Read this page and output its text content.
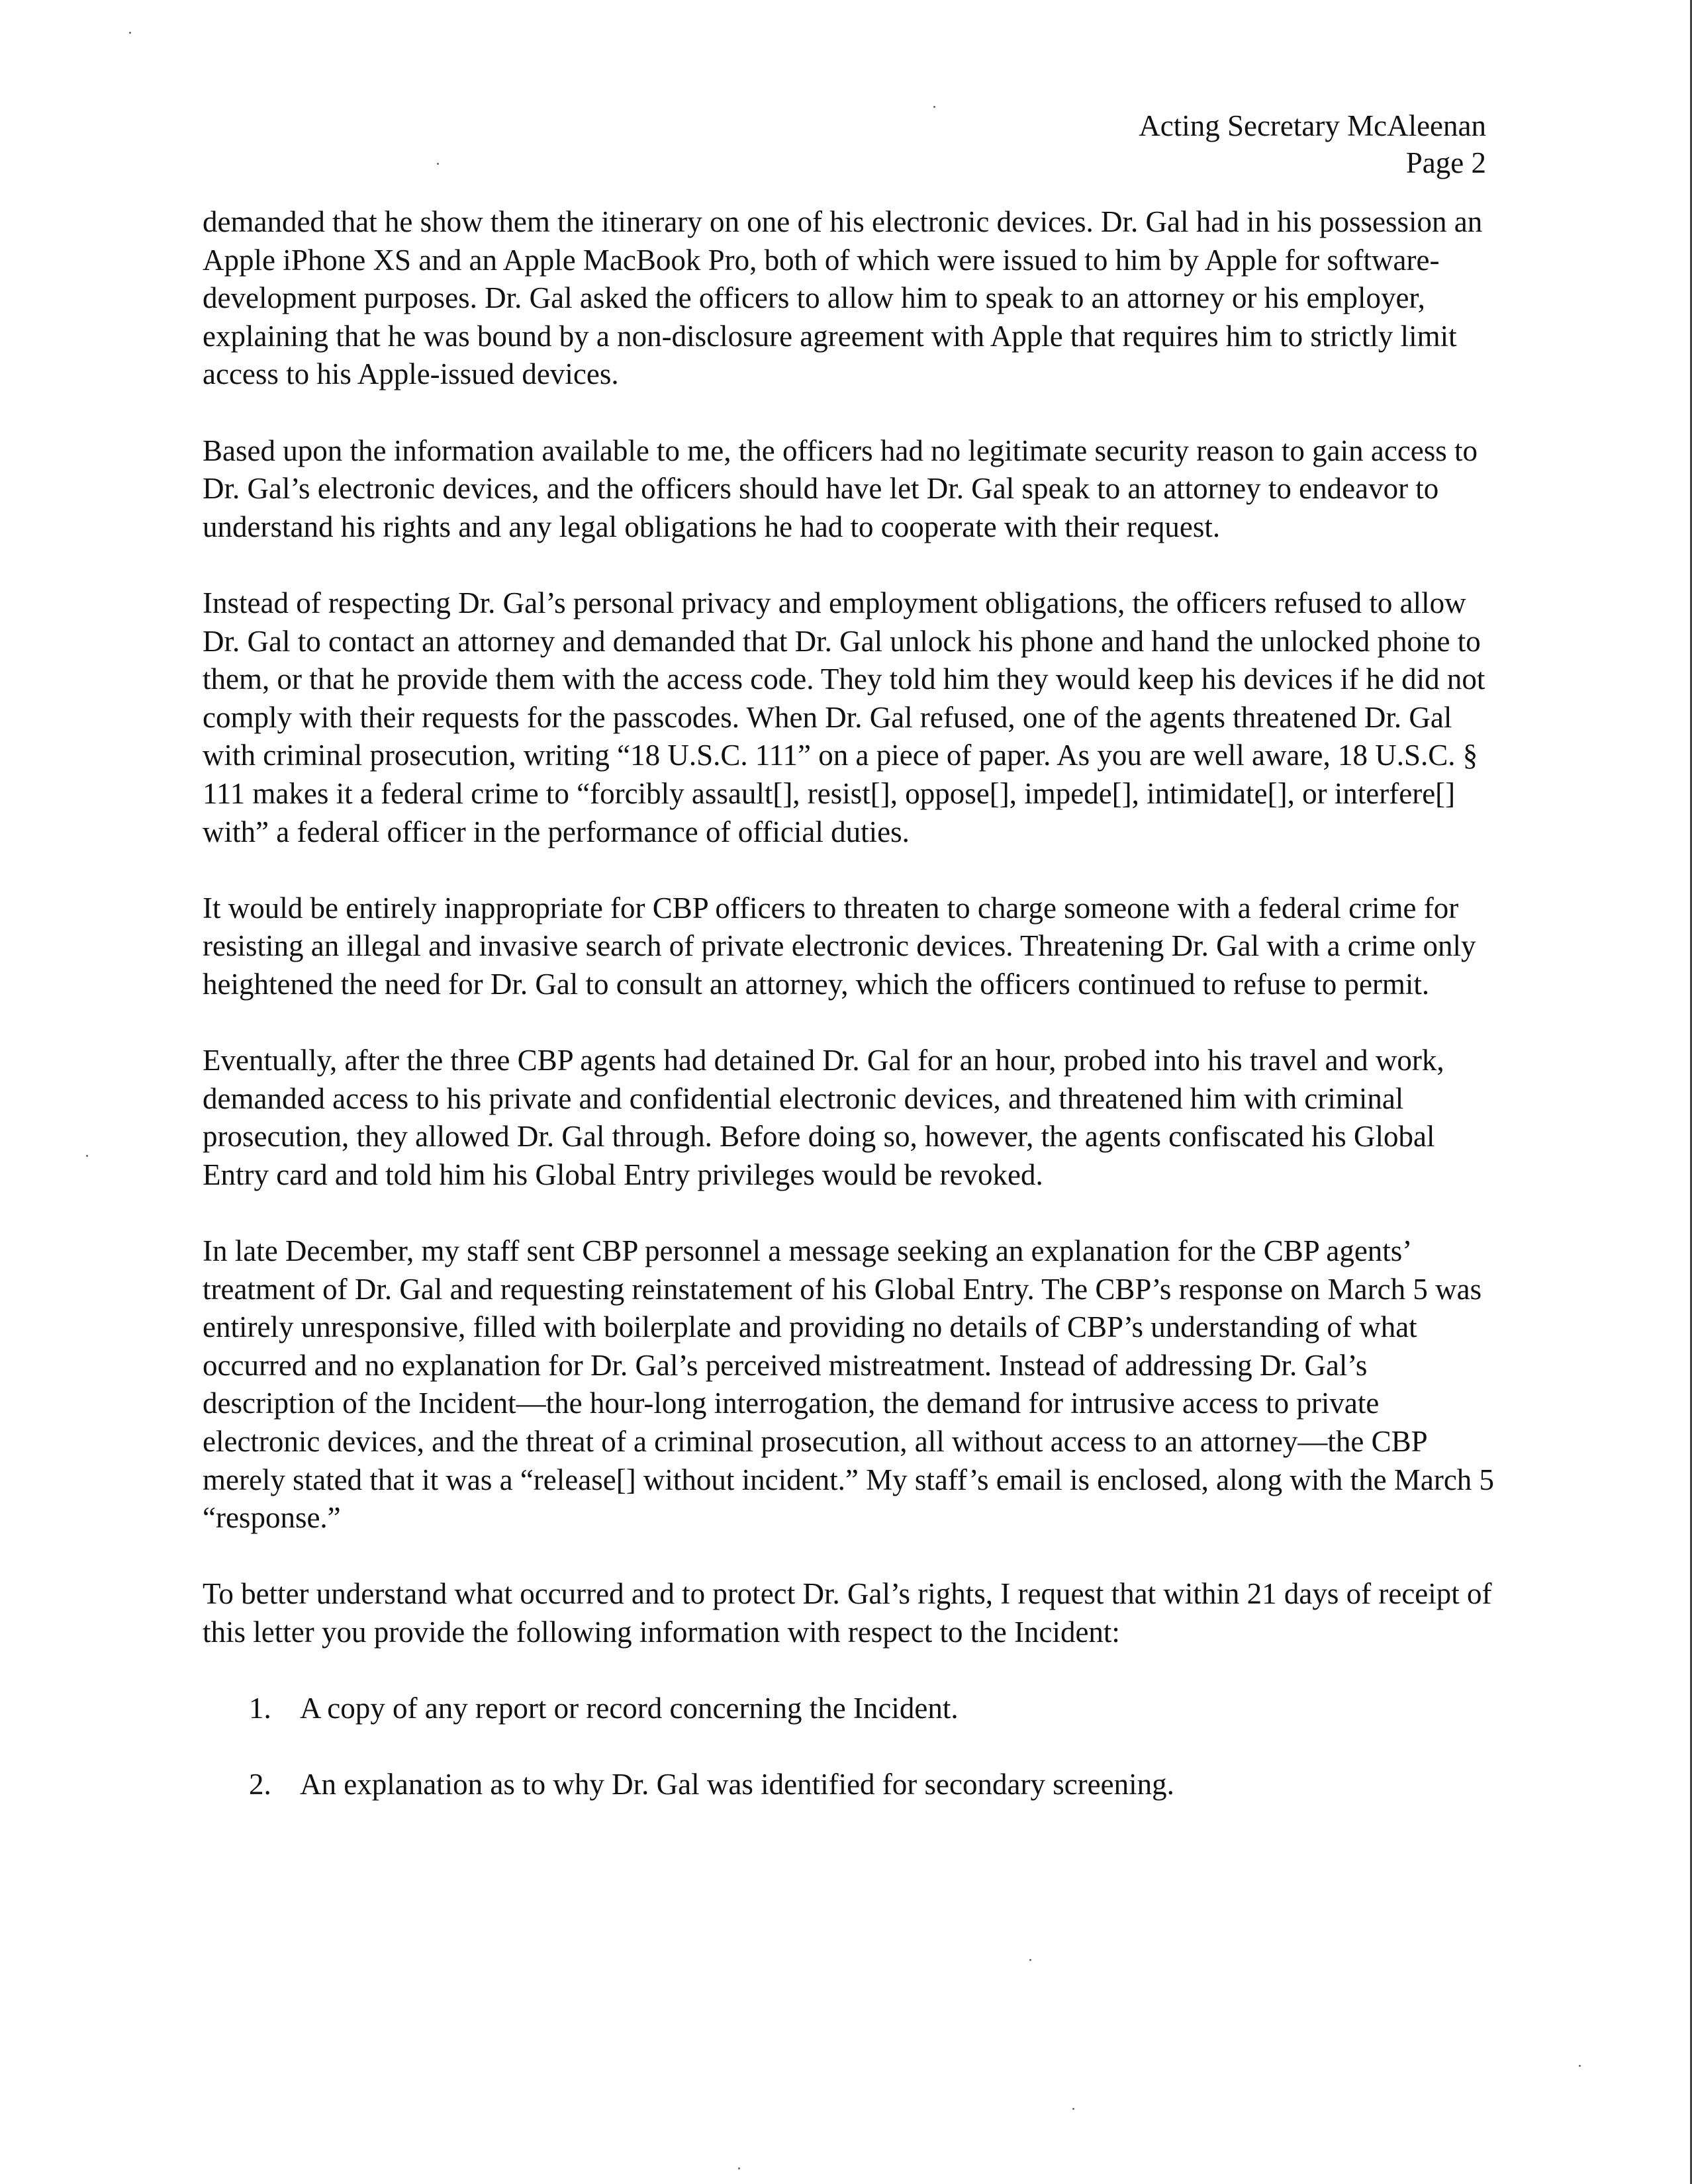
Acting Secretary McAleenan
Page 2

demanded that he show them the itinerary on one of his electronic devices. Dr. Gal had in his possession an Apple iPhone XS and an Apple MacBook Pro, both of which were issued to him by Apple for software-development purposes. Dr. Gal asked the officers to allow him to speak to an attorney or his employer, explaining that he was bound by a non-disclosure agreement with Apple that requires him to strictly limit access to his Apple-issued devices.

Based upon the information available to me, the officers had no legitimate security reason to gain access to Dr. Gal’s electronic devices, and the officers should have let Dr. Gal speak to an attorney to endeavor to understand his rights and any legal obligations he had to cooperate with their request.

Instead of respecting Dr. Gal’s personal privacy and employment obligations, the officers refused to allow Dr. Gal to contact an attorney and demanded that Dr. Gal unlock his phone and hand the unlocked phone to them, or that he provide them with the access code. They told him they would keep his devices if he did not comply with their requests for the passcodes. When Dr. Gal refused, one of the agents threatened Dr. Gal with criminal prosecution, writing “18 U.S.C. 111” on a piece of paper. As you are well aware, 18 U.S.C. § 111 makes it a federal crime to “forcibly assault[], resist[], oppose[], impede[], intimidate[], or interfere[] with” a federal officer in the performance of official duties.

It would be entirely inappropriate for CBP officers to threaten to charge someone with a federal crime for resisting an illegal and invasive search of private electronic devices. Threatening Dr. Gal with a crime only heightened the need for Dr. Gal to consult an attorney, which the officers continued to refuse to permit.

Eventually, after the three CBP agents had detained Dr. Gal for an hour, probed into his travel and work, demanded access to his private and confidential electronic devices, and threatened him with criminal prosecution, they allowed Dr. Gal through. Before doing so, however, the agents confiscated his Global Entry card and told him his Global Entry privileges would be revoked.

In late December, my staff sent CBP personnel a message seeking an explanation for the CBP agents’ treatment of Dr. Gal and requesting reinstatement of his Global Entry. The CBP’s response on March 5 was entirely unresponsive, filled with boilerplate and providing no details of CBP’s understanding of what occurred and no explanation for Dr. Gal’s perceived mistreatment. Instead of addressing Dr. Gal’s description of the Incident—the hour-long interrogation, the demand for intrusive access to private electronic devices, and the threat of a criminal prosecution, all without access to an attorney—the CBP merely stated that it was a “release[] without incident.” My staff’s email is enclosed, along with the March 5 “response.”

To better understand what occurred and to protect Dr. Gal’s rights, I request that within 21 days of receipt of this letter you provide the following information with respect to the Incident:

1. A copy of any report or record concerning the Incident.
2. An explanation as to why Dr. Gal was identified for secondary screening.
